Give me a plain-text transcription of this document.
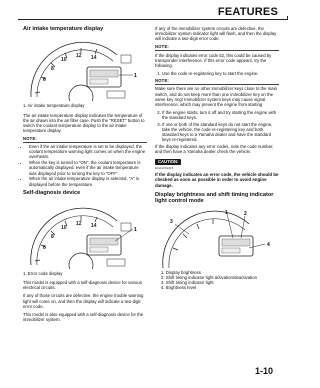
FEATURES
Air intake temperature display
6
8
10
12 14
1
1. Air intake temperature display

The air intake temperature display indicates the temperature of the air drawn into the air filter case. Push the "RESET" button to switch the coolant temperature display to the air intake temperature display.

NOTE:
• Even if the air intake temperature is set to be displayed, the coolant temperature warning light comes on when the engine overheats.
• When the key is turned to "ON", the coolant temperature is automatically displayed, even if the air intake temperature was displayed prior to turning the key to "OFF".
• When the air intake temperature display is selected, "A" is displayed before the temperature.
Self-diagnosis device
6
8
10
12 14
1
1. Error code display

This model is equipped with a self-diagnosis device for various electrical circuits.

If any of those circuits are defective, the engine trouble warning light will come on, and then the display will indicate a two-digit error code.

This model is also equipped with a self-diagnosis device for the immobilizer system.

If any of the immobilizer system circuits are defective, the immobilizer system indicator light will flash, and then the display will indicate a two-digit error code.

NOTE:

If the display indicates error code 52, this could be caused by transponder interference. If this error code appears, try the following.

1. Use the code re-registering key to start the engine.
NOTE:

Make sure there are no other immobilizer keys close to the main switch, and do not keep more than one immobilizer key on the same key ring! Immobilizer system keys may cause signal interference, which may prevent the engine from starting

2. If the engine starts, turn it off and try starting the engine with the standard keys.
3. If one or both of the standard keys do not start the engine, take the vehicle, the code re-registering key and both standard keys to a Yamaha dealer and have the standard keys re-registered.

If the display indicates any error codes, note the code number, and then have a Yamaha dealer check the vehicle.

CAUTION:
ECA4C61015
If the display indicates an error code, the vehicle should be checked as soon as possible in order to avoid engine damage.
Display brightness and shift timing indicator light control mode
1	2
3
4
1. Display brightness
2. Shift timing indicator light activation/deactivation
3. Shift timing indicator light
4. Brightness level
1-10
